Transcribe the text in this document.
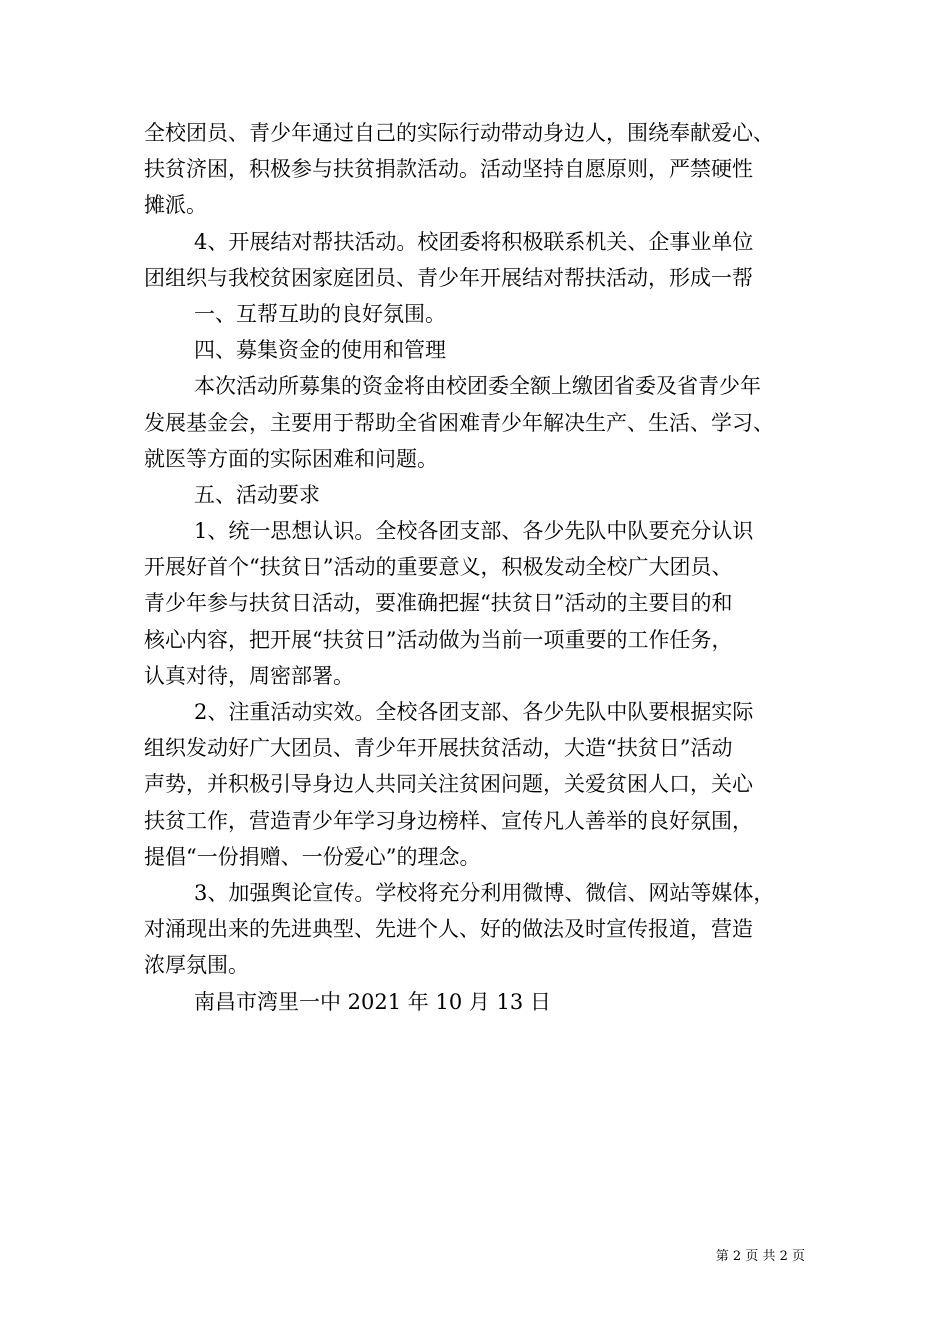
全校团员、青少年通过自己的实际行动带动身边人，围绕奉献爱心、
扶贫济困，积极参与扶贫捐款活动。活动坚持自愿原则，严禁硬性
摊派。
4、开展结对帮扶活动。校团委将积极联系机关、企事业单位
团组织与我校贫困家庭团员、青少年开展结对帮扶活动，形成一帮
一、互帮互助的良好氛围。
四、募集资金的使用和管理
本次活动所募集的资金将由校团委全额上缴团省委及省青少年
发展基金会，主要用于帮助全省困难青少年解决生产、生活、学习、
就医等方面的实际困难和问题。
五、活动要求
1、统一思想认识。全校各团支部、各少先队中队要充分认识
开展好首个“扶贫日”活动的重要意义，积极发动全校广大团员、
青少年参与扶贫日活动，要准确把握“扶贫日”活动的主要目的和
核心内容，把开展“扶贫日”活动做为当前一项重要的工作任务，
认真对待，周密部署。
2、注重活动实效。全校各团支部、各少先队中队要根据实际
组织发动好广大团员、青少年开展扶贫活动，大造“扶贫日”活动
声势，并积极引导身边人共同关注贫困问题，关爱贫困人口，关心
扶贫工作，营造青少年学习身边榜样、宣传凡人善举的良好氛围，
提倡“一份捐赠、一份爱心”的理念。
3、加强舆论宣传。学校将充分利用微博、微信、网站等媒体，
对涌现出来的先进典型、先进个人、好的做法及时宣传报道，营造
浓厚氛围。
南昌市湾里一中 2021 年 10 月 13 日
第 2 页 共 2 页
